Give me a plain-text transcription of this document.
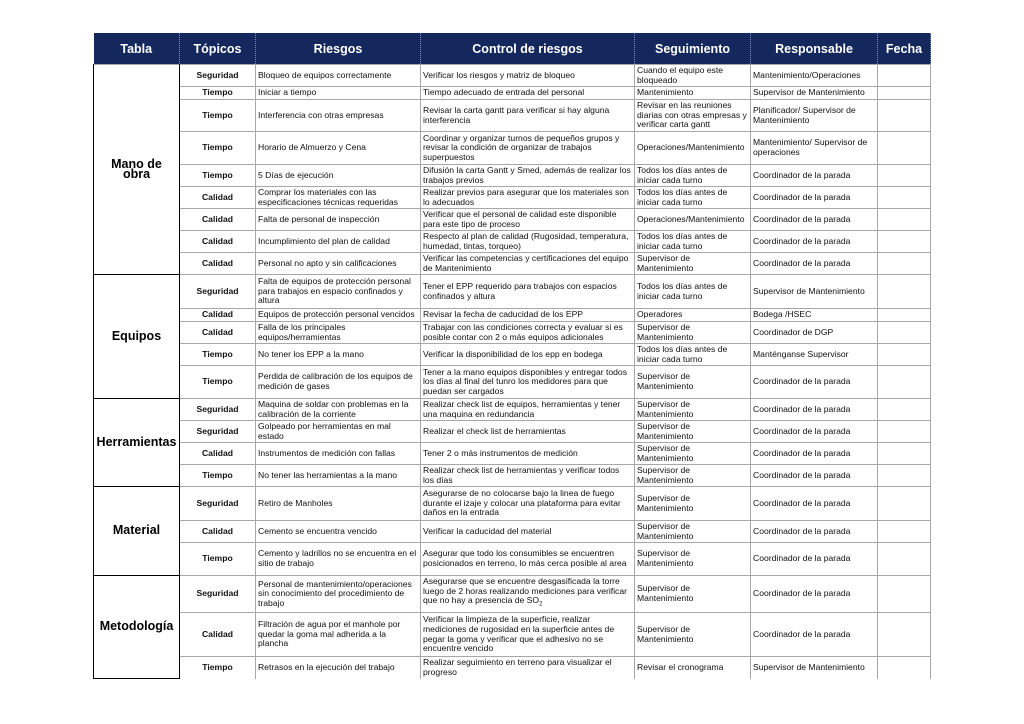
Tabla	Tópicos	Riesgos	Control de riesgos	Seguimiento	Responsable	Fecha
Mano de obra	Seguridad	Bloqueo de equipos correctamente	Verificar los riesgos y matriz de bloqueo	Cuando el equipo este bloqueado	Mantenimiento/Operaciones	
	Tiempo	Iniciar a tiempo	Tiempo adecuado de entrada del personal	Mantenimiento	Supervisor de Mantenimiento	
	Tiempo	Interferencia con otras empresas	Revisar la carta gantt para verificar si hay alguna interferencia	Revisar en las reuniones diarias con otras empresas y verificar carta gantt	Planificador/ Supervisor de Mantenimiento	
	Tiempo	Horario de Almuerzo y Cena	Coordinar y organizar turnos de pequeños grupos y revisar la condición de organizar de trabajos superpuestos	Operaciones/Mantenimiento	Mantenimiento/ Supervisor de operaciones	
	Tiempo	5 Días de ejecución	Difusión la carta Gantt y Smed, además de realizar los trabajos previos	Todos los días antes de iniciar cada turno	Coordinador de la parada	
	Calidad	Comprar los materiales con las especificaciones técnicas requeridas	Realizar previos para asegurar que los materiales son lo adecuados	Todos los días antes de iniciar cada turno	Coordinador de la parada	
	Calidad	Falta de personal de inspección	Verificar que el personal de calidad este disponible para este tipo de proceso	Operaciones/Mantenimiento	Coordinador de la parada	
	Calidad	Incumplimiento del plan de calidad	Respecto al plan de calidad (Rugosidad, temperatura, humedad, tintas, torqueo)	Todos los días antes de iniciar cada turno	Coordinador de la parada	
	Calidad	Personal no apto y sin calificaciones	Verificar las competencias y certificaciones del equipo de Mantenimiento	Supervisor de Mantenimiento	Coordinador de la parada	
Equipos	Seguridad	Falta de equipos de protección personal para trabajos en espacio confinados y altura	Tener el EPP requerido para trabajos con espacios confinados y altura	Todos los días antes de iniciar cada turno	Supervisor de Mantenimiento	
	Calidad	Equipos de protección personal vencidos	Revisar la fecha de caducidad de los EPP	Operadores	Bodega /HSEC	
	Calidad	Falla de los principales equipos/herramientas	Trabajar con las condiciones correcta y evaluar si es posible contar con 2 o más equipos adicionales	Supervisor de Mantenimiento	Coordinador de DGP	
	Tiempo	No tener los EPP a la mano	Verificar la disponibilidad de los epp en bodega	Todos los días antes de iniciar cada turno	Manténganse Supervisor	
	Tiempo	Perdida de calibración de los equipos de medición de gases	Tener a la mano equipos disponibles y entregar todos los días al final del tunro los medidores para que puedan ser cargados	Supervisor de Mantenimiento	Coordinador de la parada	
Herramientas	Seguridad	Maquina de soldar con problemas en la calibración de la corriente	Realizar check list de equipos, herramientas y tener una maquina en redundancia	Supervisor de Mantenimiento	Coordinador de la parada	
	Seguridad	Golpeado por herramientas en mal estado	Realizar el check list de herramientas	Supervisor de Mantenimiento	Coordinador de la parada	
	Calidad	Instrumentos de medición con fallas	Tener 2 o más instrumentos de medición	Supervisor de Mantenimiento	Coordinador de la parada	
	Tiempo	No tener las herramientas a la mano	Realizar check list de herramientas y verificar todos los días	Supervisor de Mantenimiento	Coordinador de la parada	
Material	Seguridad	Retiro de Manholes	Asegurarse de no colocarse bajo la linea de fuego durante el izaje y colocar una plataforma para evitar daños en la entrada	Supervisor de Mantenimiento	Coordinador de la parada	
	Calidad	Cemento se encuentra vencido	Verificar la caducidad del material	Supervisor de Mantenimiento	Coordinador de la parada	
	Tiempo	Cemento y ladrillos no se encuentra en el sitio de trabajo	Asegurar que todo los consumibles se encuentren posicionados en terreno, lo más cerca posible al area	Supervisor de Mantenimiento	Coordinador de la parada	
Metodología	Seguridad	Personal de mantenimiento/operaciones sin conocimiento del procedimiento de trabajo	Asegurarse que se encuentre desgasificada la torre luego de 2 horas realizando mediciones para verificar que no hay a presencia de $SO_2$	Supervisor de Mantenimiento	Coordinador de la parada	
	Calidad	Filtración de agua por el manhole por quedar la goma mal adherida a la plancha	Verificar la limpieza de la superficie, realizar mediciones de rugosidad en la superficie antes de pegar la goma y verificar que el adhesivo no se encuentre vencido	Supervisor de Mantenimiento	Coordinador de la parada	
	Tiempo	Retrasos en la ejecución del trabajo	Realizar seguimiento en terreno para visualizar el progreso	Revisar el cronograma	Supervisor de Mantenimiento	
